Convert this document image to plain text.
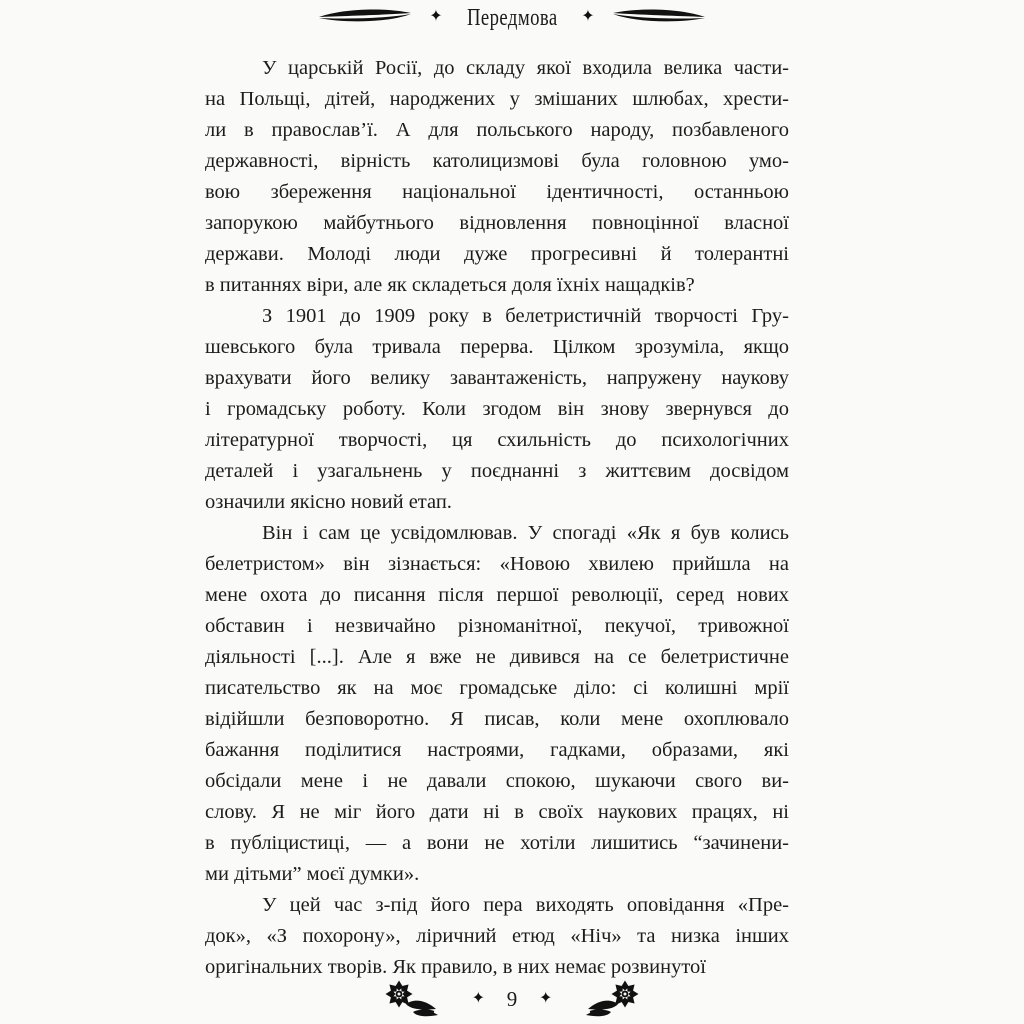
✦ Передмова ✦
У царській Росії, до складу якої входила велика части-
на Польщі, дітей, народжених у змішаних шлюбах, хрести-
ли в православ’ї. А для польського народу, позбавленого
державності, вірність католицизмові була головною умо-
вою збереження національної ідентичності, останньою
запорукою майбутнього відновлення повноцінної власної
держави. Молоді люди дуже прогресивні й толерантні
в питаннях віри, але як складеться доля їхніх нащадків?
З 1901 до 1909 року в белетристичній творчості Гру-
шевського була тривала перерва. Цілком зрозуміла, якщо
врахувати його велику завантаженість, напружену наукову
і громадську роботу. Коли згодом він знову звернувся до
літературної творчості, ця схильність до психологічних
деталей і узагальнень у поєднанні з життєвим досвідом
означили якісно новий етап.
Він і сам це усвідомлював. У спогаді «Як я був колись
белетристом» він зізнається: «Новою хвилею прийшла на
мене охота до писання після першої революції, серед нових
обставин і незвичайно різноманітної, пекучої, тривожної
діяльності [...]. Але я вже не дивився на се белетристичне
писательство як на моє громадське діло: сі колишні мрії
відійшли безповоротно. Я писав, коли мене охоплювало
бажання поділитися настроями, гадками, образами, які
обсідали мене і не давали спокою, шукаючи свого ви-
слову. Я не міг його дати ні в своїх наукових працях, ні
в публіцистиці, — а вони не хотіли лишитись “зачинени-
ми дітьми” моєї думки».
У цей час з-під його пера виходять оповідання «Пре-
док», «З похорону», ліричний етюд «Ніч» та низка інших
оригінальних творів. Як правило, в них немає розвинутої
✦ 9 ✦
